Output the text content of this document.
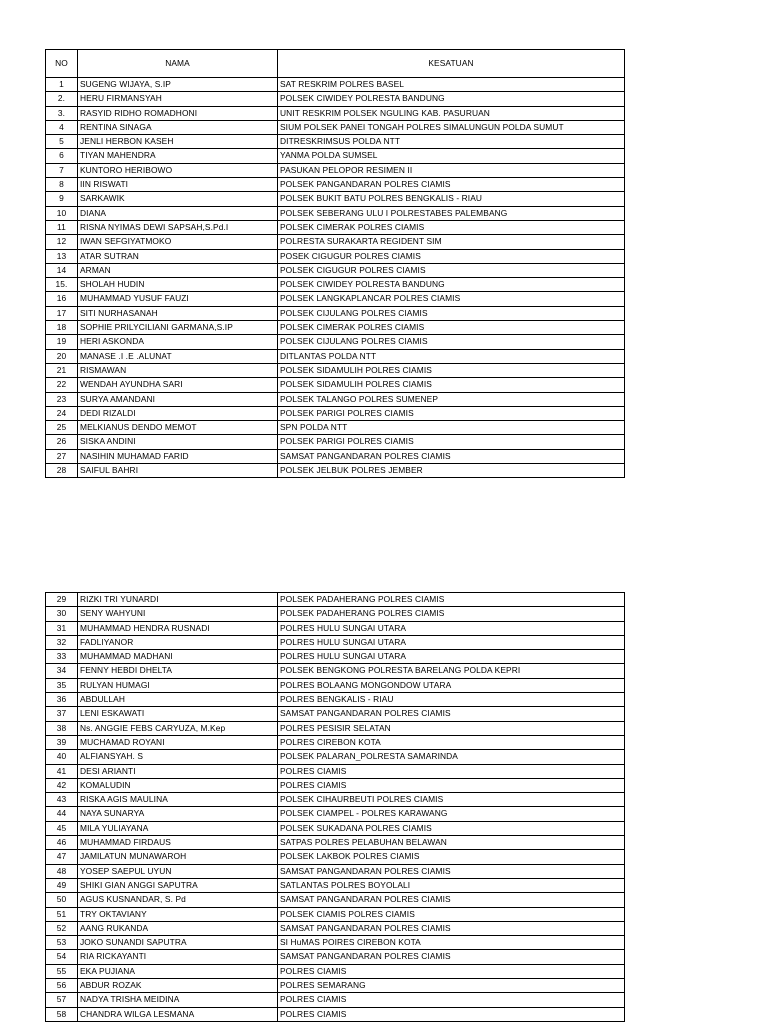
NO	NAMA	KESATUAN
1	SUGENG WIJAYA, S.IP	SAT RESKRIM POLRES BASEL
2.	HERU FIRMANSYAH	POLSEK CIWIDEY POLRESTA BANDUNG
3.	RASYID RIDHO ROMADHONI	UNIT RESKRIM POLSEK NGULING KAB. PASURUAN
4	RENTINA SINAGA	SIUM POLSEK PANEI TONGAH POLRES SIMALUNGUN POLDA SUMUT
5	JENLI HERBON KASEH	DITRESKRIMSUS POLDA NTT
6	TIYAN MAHENDRA	YANMA POLDA SUMSEL
7	KUNTORO HERIBOWO	PASUKAN PELOPOR RESIMEN II
8	IIN RISWATI	POLSEK PANGANDARAN POLRES CIAMIS
9	SARKAWIK	POLSEK BUKIT BATU POLRES BENGKALIS - RIAU
10	DIANA	POLSEK SEBERANG ULU I POLRESTABES PALEMBANG
11	RISNA NYIMAS DEWI SAPSAH,S.Pd.I	POLSEK CIMERAK POLRES CIAMIS
12	IWAN SEFGIYATMOKO	POLRESTA SURAKARTA REGIDENT SIM
13	ATAR SUTRAN	POSEK CIGUGUR POLRES CIAMIS
14	ARMAN	POLSEK CIGUGUR POLRES CIAMIS
15.	SHOLAH HUDIN	POLSEK CIWIDEY POLRESTA BANDUNG
16	MUHAMMAD YUSUF FAUZI	POLSEK LANGKAPLANCAR POLRES CIAMIS
17	SITI NURHASANAH	POLSEK CIJULANG POLRES CIAMIS
18	SOPHIE PRILYCILIANI GARMANA,S.IP	POLSEK CIMERAK POLRES CIAMIS
19	HERI ASKONDA	POLSEK CIJULANG POLRES CIAMIS
20	MANASE .I .E .ALUNAT	DITLANTAS POLDA NTT
21	RISMAWAN	POLSEK SIDAMULIH POLRES CIAMIS
22	WENDAH AYUNDHA SARI	POLSEK SIDAMULIH POLRES CIAMIS
23	SURYA AMANDANI	POLSEK TALANGO POLRES SUMENEP
24	DEDI RIZALDI	POLSEK PARIGI POLRES CIAMIS
25	MELKIANUS DENDO MEMOT	SPN POLDA NTT
26	SISKA ANDINI	POLSEK PARIGI POLRES CIAMIS
27	NASIHIN MUHAMAD FARID	SAMSAT PANGANDARAN POLRES CIAMIS
28	SAIFUL BAHRI	POLSEK JELBUK POLRES JEMBER
29	RIZKI TRI YUNARDI	POLSEK PADAHERANG POLRES CIAMIS
30	SENY WAHYUNI	POLSEK PADAHERANG POLRES CIAMIS
31	MUHAMMAD HENDRA RUSNADI	POLRES HULU SUNGAI UTARA
32	FADLIYANOR	POLRES HULU SUNGAI UTARA
33	MUHAMMAD MADHANI	POLRES HULU SUNGAI UTARA
34	FENNY HEBDI DHELTA	POLSEK BENGKONG POLRESTA BARELANG POLDA KEPRI
35	RULYAN HUMAGI	POLRES BOLAANG MONGONDOW UTARA
36	ABDULLAH	POLRES BENGKALIS - RIAU
37	LENI ESKAWATI	SAMSAT PANGANDARAN POLRES CIAMIS
38	Ns. ANGGIE FEBS CARYUZA, M.Kep	POLRES PESISIR SELATAN
39	MUCHAMAD ROYANI	POLRES CIREBON KOTA
40	ALFIANSYAH. S	POLSEK PALARAN_POLRESTA SAMARINDA
41	DESI ARIANTI	POLRES CIAMIS
42	KOMALUDIN	POLRES CIAMIS
43	RISKA AGIS MAULINA	POLSEK CIHAURBEUTI POLRES CIAMIS
44	NAYA SUNARYA	POLSEK CIAMPEL - POLRES KARAWANG
45	MILA YULIAYANA	POLSEK SUKADANA POLRES CIAMIS
46	MUHAMMAD FIRDAUS	SATPAS POLRES PELABUHAN BELAWAN
47	JAMILATUN MUNAWAROH	POLSEK LAKBOK POLRES CIAMIS
48	YOSEP SAEPUL UYUN	SAMSAT PANGANDARAN POLRES CIAMIS
49	SHIKI GIAN ANGGI SAPUTRA	SATLANTAS POLRES BOYOLALI
50	AGUS KUSNANDAR, S. Pd	SAMSAT PANGANDARAN POLRES CIAMIS
51	TRY OKTAVIANY	POLSEK CIAMIS POLRES CIAMIS
52	AANG RUKANDA	SAMSAT PANGANDARAN POLRES CIAMIS
53	JOKO SUNANDI SAPUTRA	SI HuMAS POIRES CIREBON KOTA
54	RIA RICKAYANTI	SAMSAT PANGANDARAN POLRES CIAMIS
55	EKA PUJIANA	POLRES CIAMIS
56	ABDUR ROZAK	POLRES SEMARANG
57	NADYA TRISHA MEIDINA	POLRES CIAMIS
58	CHANDRA WILGA LESMANA	POLRES CIAMIS
